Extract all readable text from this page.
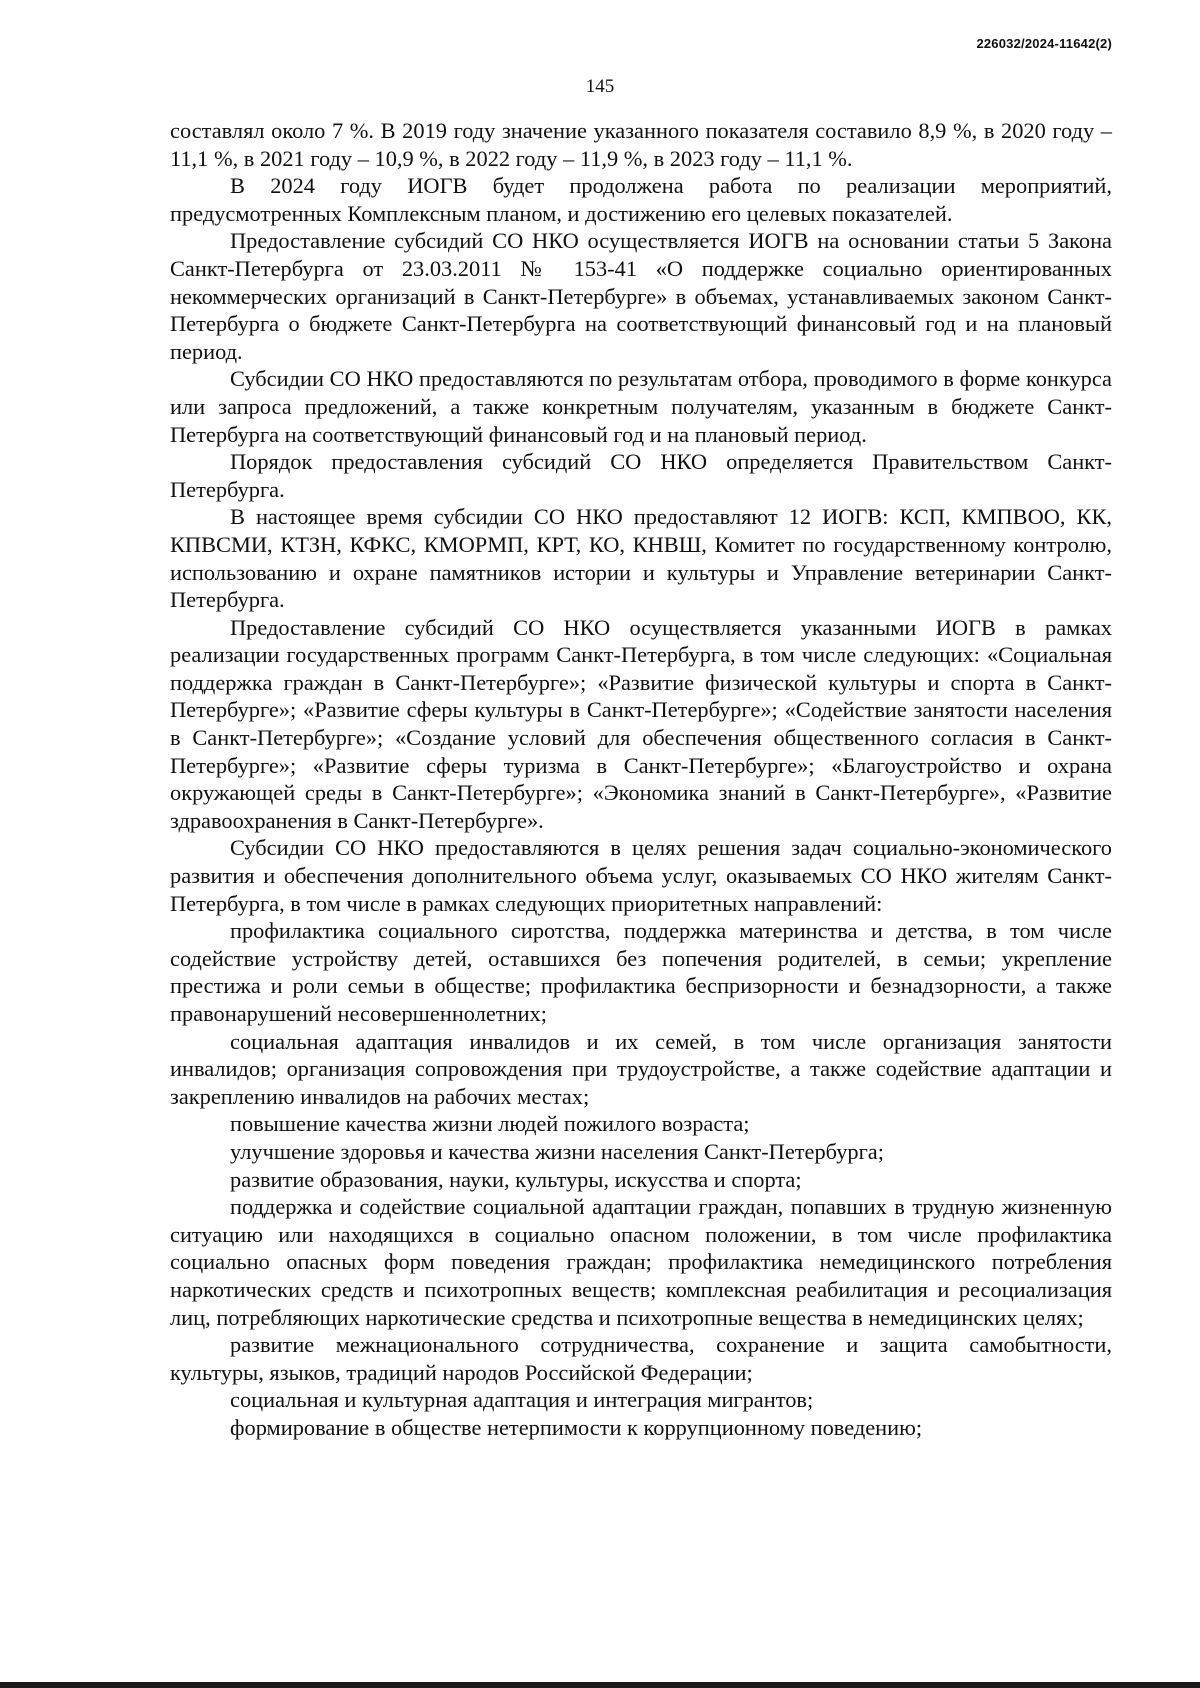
226032/2024-11642(2)
145

составлял около 7 %. В 2019 году значение указанного показателя составило 8,9 %, в 2020 году – 11,1 %, в 2021 году – 10,9 %, в 2022 году – 11,9 %, в 2023 году – 11,1 %.

В 2024 году ИОГВ будет продолжена работа по реализации мероприятий, предусмотренных Комплексным планом, и достижению его целевых показателей.

Предоставление субсидий СО НКО осуществляется ИОГВ на основании статьи 5 Закона Санкт-Петербурга от 23.03.2011 № 153-41 «О поддержке социально ориентированных некоммерческих организаций в Санкт-Петербурге» в объемах, устанавливаемых законом Санкт-Петербурга о бюджете Санкт-Петербурга на соответствующий финансовый год и на плановый период.

Субсидии СО НКО предоставляются по результатам отбора, проводимого в форме конкурса или запроса предложений, а также конкретным получателям, указанным в бюджете Санкт-Петербурга на соответствующий финансовый год и на плановый период.

Порядок предоставления субсидий СО НКО определяется Правительством Санкт-Петербурга.

В настоящее время субсидии СО НКО предоставляют 12 ИОГВ: КСП, КМПВОО, КК, КПВСМИ, КТЗН, КФКС, КМОРМП, КРТ, КО, КНВШ, Комитет по государственному контролю, использованию и охране памятников истории и культуры и Управление ветеринарии Санкт-Петербурга.

Предоставление субсидий СО НКО осуществляется указанными ИОГВ в рамках реализации государственных программ Санкт-Петербурга, в том числе следующих: «Социальная поддержка граждан в Санкт-Петербурге»; «Развитие физической культуры и спорта в Санкт-Петербурге»; «Развитие сферы культуры в Санкт-Петербурге»; «Содействие занятости населения в Санкт-Петербурге»; «Создание условий для обеспечения общественного согласия в Санкт-Петербурге»; «Развитие сферы туризма в Санкт-Петербурге»; «Благоустройство и охрана окружающей среды в Санкт-Петербурге»; «Экономика знаний в Санкт-Петербурге», «Развитие здравоохранения в Санкт-Петербурге».

Субсидии СО НКО предоставляются в целях решения задач социально-экономического развития и обеспечения дополнительного объема услуг, оказываемых СО НКО жителям Санкт-Петербурга, в том числе в рамках следующих приоритетных направлений:

профилактика социального сиротства, поддержка материнства и детства, в том числе содействие устройству детей, оставшихся без попечения родителей, в семьи; укрепление престижа и роли семьи в обществе; профилактика беспризорности и безнадзорности, а также правонарушений несовершеннолетних;

социальная адаптация инвалидов и их семей, в том числе организация занятости инвалидов; организация сопровождения при трудоустройстве, а также содействие адаптации и закреплению инвалидов на рабочих местах;

повышение качества жизни людей пожилого возраста;

улучшение здоровья и качества жизни населения Санкт-Петербурга;

развитие образования, науки, культуры, искусства и спорта;

поддержка и содействие социальной адаптации граждан, попавших в трудную жизненную ситуацию или находящихся в социально опасном положении, в том числе профилактика социально опасных форм поведения граждан; профилактика немедицинского потребления наркотических средств и психотропных веществ; комплексная реабилитация и ресоциализация лиц, потребляющих наркотические средства и психотропные вещества в немедицинских целях;

развитие межнационального сотрудничества, сохранение и защита самобытности, культуры, языков, традиций народов Российской Федерации;

социальная и культурная адаптация и интеграция мигрантов;

формирование в обществе нетерпимости к коррупционному поведению;
